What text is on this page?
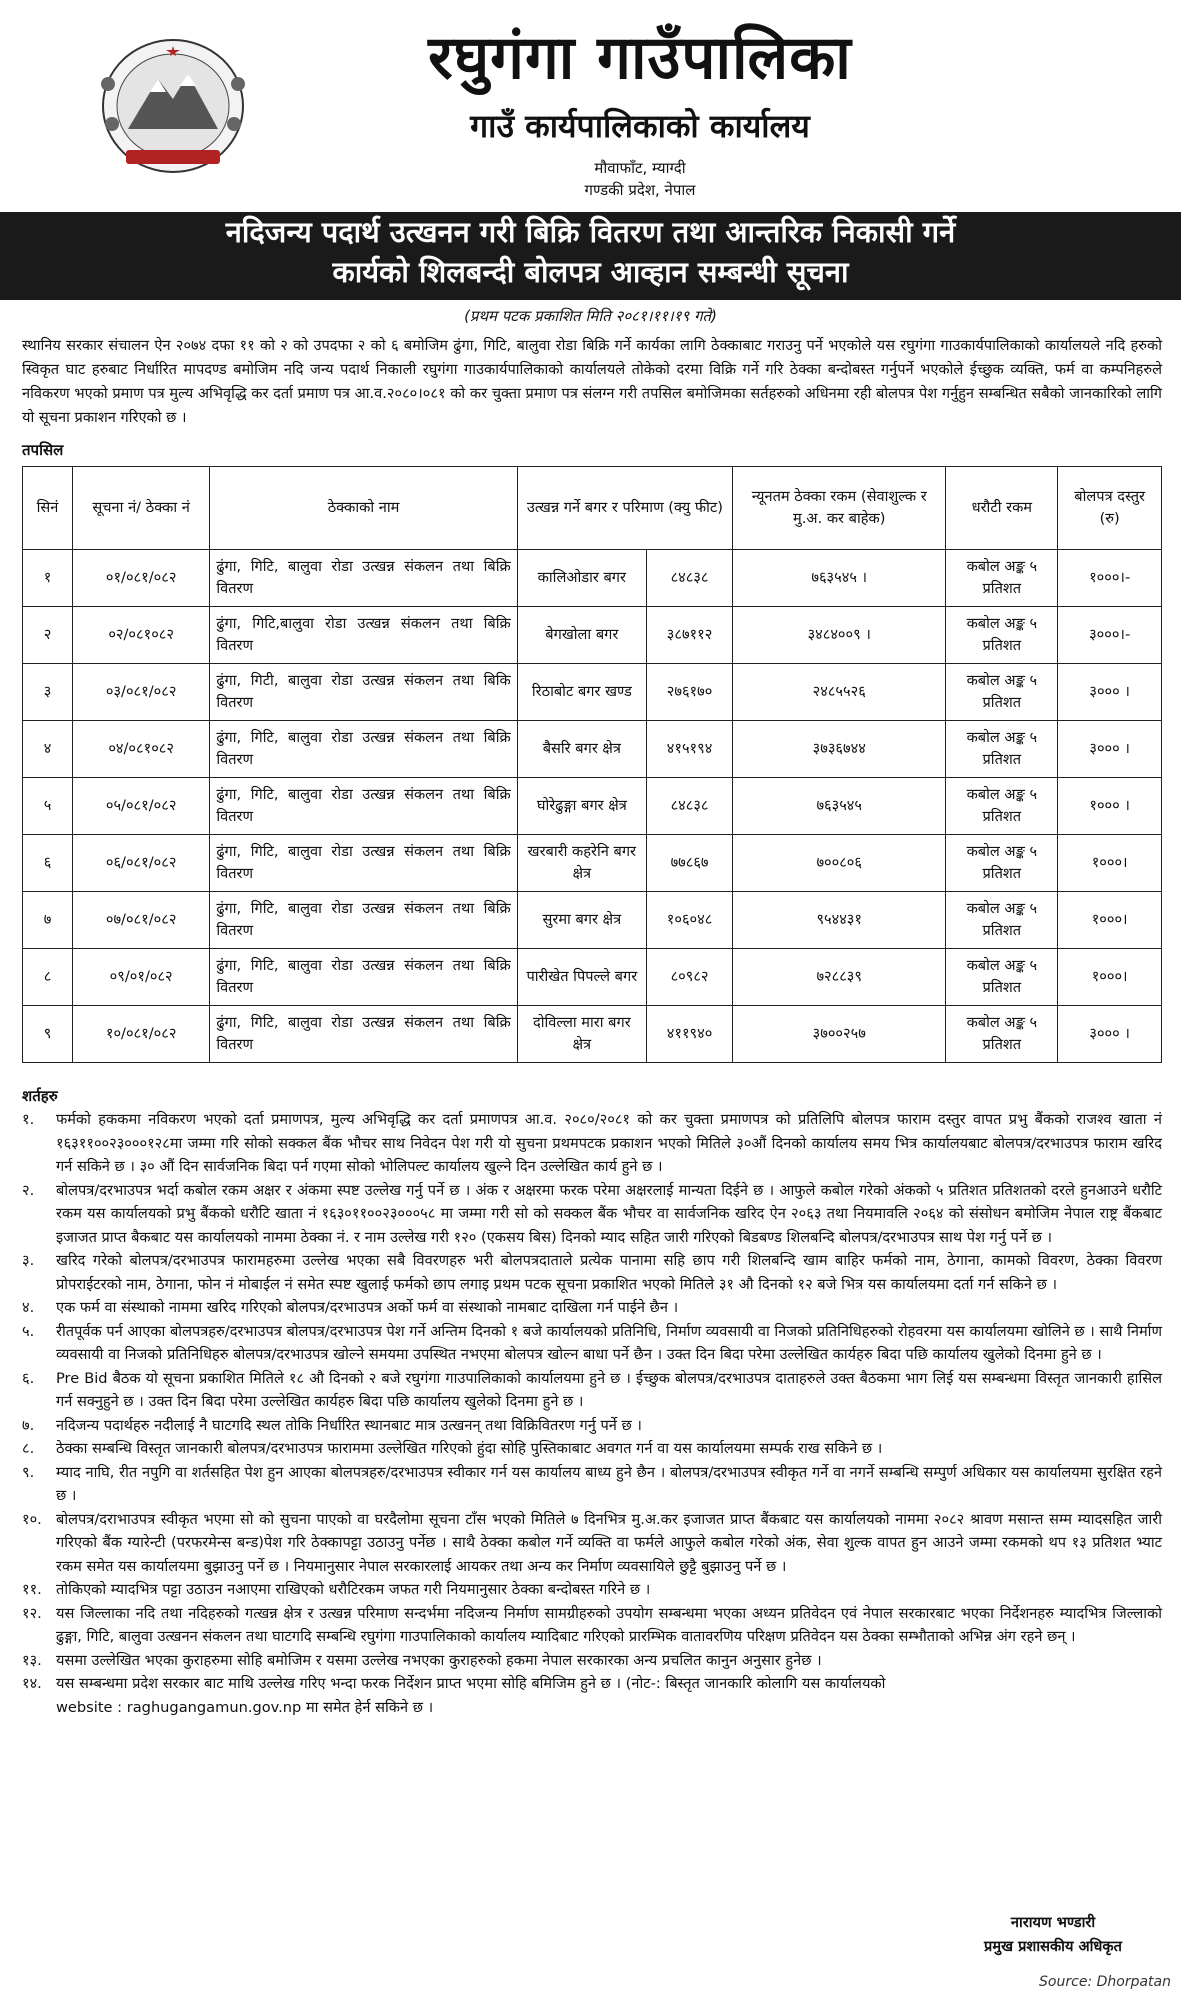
रघुगंगा गाउँपालिका
गाउँ कार्यपालिकाको कार्यालय
मौवाफाँट, म्याग्दी
गण्डकी प्रदेश, नेपाल
नदिजन्य पदार्थ उत्खनन गरी बिक्रि वितरण तथा आन्तरिक निकासी गर्ने
कार्यको शिलबन्दी बोलपत्र आव्हान सम्बन्धी सूचना
(प्रथम पटक प्रकाशित मिति २०८१।११।१९ गते)
स्थानिय सरकार संचालन ऐन २०७४ दफा ११ को २ को उपदफा २ को ६ बमोजिम ढुंगा, गिटि, बालुवा रोडा बिक्रि गर्ने कार्यका लागि ठेक्काबाट गराउनु पर्ने भएकोले यस रघुगंगा गाउकार्यपालिकाको कार्यालयले नदि हरुको स्विकृत घाट हरुबाट निर्धारित मापदण्ड बमोजिम नदि जन्य पदार्थ निकाली रघुगंगा गाउकार्यपालिकाको कार्यालयले तोकेको दरमा विक्रि गर्ने गरि ठेक्का बन्दोबस्त गर्नुपर्ने भएकोले ईच्छुक व्यक्ति, फर्म वा कम्पनिहरुले नविकरण भएको प्रमाण पत्र मुल्य अभिवृद्धि कर दर्ता प्रमाण पत्र आ.व.२०८०।०८१ को कर चुक्ता प्रमाण पत्र संलग्न गरी तपसिल बमोजिमका सर्तहरुको अधिनमा रही बोलपत्र पेश गर्नुहुन सम्बन्धित सबैको जानकारिको लागि यो सूचना प्रकाशन गरिएको छ ।
तपसिल
सिनं	सूचना नं/ ठेक्का नं	ठेक्काको नाम	उत्खन्न गर्ने बगर र परिमाण (क्यु फीट)		न्यूनतम ठेक्का रकम (सेवाशुल्क र मु.अ. कर बाहेक)	धरौटी रकम	बोलपत्र दस्तुर (रु)
१	०१/०८१/०८२	ढुंगा, गिटि, बालुवा रोडा उत्खन्न संकलन तथा बिक्रि वितरण	कालिओडार बगर	८४८३८	७६३५४५ ।	कबोल अङ्क ५ प्रतिशत	१०००।-
२	०२/०८१०८२	ढुंगा, गिटि,बालुवा रोडा उत्खन्न संकलन तथा बिक्रि वितरण	बेगखोला बगर	३८७११२	३४८४००९ ।	कबोल अङ्क ५ प्रतिशत	३०००।-
३	०३/०८१/०८२	ढुंगा, गिटी, बालुवा रोडा उत्खन्न संकलन तथा बिकि वितरण	रिठाबोट बगर खण्ड	२७६१७०	२४८५५२६	कबोल अङ्क ५ प्रतिशत	३००० ।
४	०४/०८१०८२	ढुंगा, गिटि, बालुवा रोडा उत्खन्न संकलन तथा बिक्रि वितरण	बैसरि बगर क्षेत्र	४१५१९४	३७३६७४४	कबोल अङ्क ५ प्रतिशत	३००० ।
५	०५/०८१/०८२	ढुंगा, गिटि, बालुवा रोडा उत्खन्न संकलन तथा बिक्रि वितरण	घोरेढुङ्गा बगर क्षेत्र	८४८३८	७६३५४५	कबोल अङ्क ५ प्रतिशत	१००० ।
६	०६/०८१/०८२	ढुंगा, गिटि, बालुवा रोडा उत्खन्न संकलन तथा बिक्रि वितरण	खरबारी कहरेनि बगर क्षेत्र	७७८६७	७००८०६	कबोल अङ्क ५ प्रतिशत	१०००।
७	०७/०८१/०८२	ढुंगा, गिटि, बालुवा रोडा उत्खन्न संकलन तथा बिक्रि वितरण	सुरमा बगर क्षेत्र	१०६०४८	९५४४३१	कबोल अङ्क ५ प्रतिशत	१०००।
८	०९/०१/०८२	ढुंगा, गिटि, बालुवा रोडा उत्खन्न संकलन तथा बिक्रि वितरण	पारीखेत पिपल्ले बगर	८०९८२	७२८८३९	कबोल अङ्क ५ प्रतिशत	१०००।
९	१०/०८१/०८२	ढुंगा, गिटि, बालुवा रोडा उत्खन्न संकलन तथा बिक्रि वितरण	दोविल्ला मारा बगर क्षेत्र	४११९४०	३७००२५७	कबोल अङ्क ५ प्रतिशत	३००० ।
शर्तहरु
१. फर्मको हककमा नविकरण भएको दर्ता प्रमाणपत्र, मुल्य अभिवृद्धि कर दर्ता प्रमाणपत्र आ.व. २०८०/२०८१ को कर चुक्ता प्रमाणपत्र को प्रतिलिपि बोलपत्र फाराम दस्तुर वापत प्रभु बैंकको राजश्व खाता नं १६३११००२३०००१२८मा जम्मा गरि सोको सक्कल बैंक भौचर साथ निवेदन पेश गरी यो सुचना प्रथमपटक प्रकाशन भएको मितिले ३०औं दिनको कार्यालय समय भित्र कार्यालयबाट बोलपत्र/दरभाउपत्र फाराम खरिद गर्न सकिने छ । ३० औं दिन सार्वजनिक बिदा पर्न गएमा सोको भोलिपल्ट कार्यालय खुल्ने दिन उल्लेखित कार्य हुने छ ।
२. बोलपत्र/दरभाउपत्र भर्दा कबोल रकम अक्षर र अंकमा स्पष्ट उल्लेख गर्नु पर्ने छ । अंक र अक्षरमा फरक परेमा अक्षरलाई मान्यता दिईने छ । आफुले कबोल गरेको अंकको ५ प्रतिशत प्रतिशतको दरले हुनआउने धरौटि रकम यस कार्यालयको प्रभु बैंकको धरौटि खाता नं १६३०११००२३०००५८ मा जम्मा गरी सो को सक्कल बैंक भौचर वा सार्वजनिक खरिद ऐन २०६३ तथा नियमावलि २०६४ को संसोधन बमोजिम नेपाल राष्ट्र बैंकबाट इजाजत प्राप्त बैकबाट यस कार्यालयको नाममा ठेक्का नं. र नाम उल्लेख गरी १२० (एकसय बिस) दिनको म्याद सहित जारी गरिएको बिडबण्ड शिलबन्दि बोलपत्र/दरभाउपत्र साथ पेश गर्नु पर्ने छ ।
३. खरिद गरेको बोलपत्र/दरभाउपत्र फारामहरुमा उल्लेख भएका सबै विवरणहरु भरी बोलपत्रदाताले प्रत्येक पानामा सहि छाप गरी शिलबन्दि खाम बाहिर फर्मको नाम, ठेगाना, कामको विवरण, ठेक्का विवरण प्रोपराईटरको नाम, ठेगाना, फोन नं मोबाईल नं समेत स्पष्ट खुलाई फर्मको छाप लगाइ प्रथम पटक सूचना प्रकाशित भएको मितिले ३१ औ दिनको १२ बजे भित्र यस कार्यालयमा दर्ता गर्न सकिने छ ।
४. एक फर्म वा संस्थाको नाममा खरिद गरिएको बोलपत्र/दरभाउपत्र अर्को फर्म वा संस्थाको नामबाट दाखिला गर्न पाईने छैन ।
५. रीतपूर्वक पर्न आएका बोलपत्रहरु/दरभाउपत्र बोलपत्र/दरभाउपत्र पेश गर्ने अन्तिम दिनको १ बजे कार्यालयको प्रतिनिधि, निर्माण व्यवसायी वा निजको प्रतिनिधिहरुको रोहवरमा यस कार्यालयमा खोलिने छ । साथै निर्माण व्यवसायी वा निजको प्रतिनिधिहरु बोलपत्र/दरभाउपत्र खोल्ने समयमा उपस्थित नभएमा बोलपत्र खोल्न बाधा पर्ने छैन । उक्त दिन बिदा परेमा उल्लेखित कार्यहरु बिदा पछि कार्यालय खुलेको दिनमा हुने छ ।
६. Pre Bid बैठक यो सूचना प्रकाशित मितिले १८ औ दिनको २ बजे रघुगंगा गाउपालिकाको कार्यालयमा हुने छ । ईच्छुक बोलपत्र/दरभाउपत्र दाताहरुले उक्त बैठकमा भाग लिई यस सम्बन्धमा विस्तृत जानकारी हासिल गर्न सक्नुहुने छ । उक्त दिन बिदा परेमा उल्लेखित कार्यहरु बिदा पछि कार्यालय खुलेको दिनमा हुने छ ।
७. नदिजन्य पदार्थहरु नदीलाई नै घाटगदि स्थल तोकि निर्धारित स्थानबाट मात्र उत्खनन् तथा विक्रिवितरण गर्नु पर्ने छ ।
८. ठेक्का सम्बन्धि विस्तृत जानकारी बोलपत्र/दरभाउपत्र फाराममा उल्लेखित गरिएको हुंदा सोहि पुस्तिकाबाट अवगत गर्न वा यस कार्यालयमा सम्पर्क राख सकिने छ ।
९. म्याद नाघि, रीत नपुगि वा शर्तसहित पेश हुन आएका बोलपत्रहरु/दरभाउपत्र स्वीकार गर्न यस कार्यालय बाध्य हुने छैन । बोलपत्र/दरभाउपत्र स्वीकृत गर्ने वा नगर्ने सम्बन्धि सम्पुर्ण अधिकार यस कार्यालयमा सुरक्षित रहने छ ।
१०. बोलपत्र/दराभाउपत्र स्वीकृत भएमा सो को सुचना पाएको वा घरदैलोमा सूचना टाँस भएको मितिले ७ दिनभित्र मु.अ.कर इजाजत प्राप्त बैंकबाट यस कार्यालयको नाममा २०८२ श्रावण मसान्त सम्म म्यादसहित जारी गरिएको बैंक ग्यारेन्टी (परफरमेन्स बन्ड)पेश गरि ठेक्कापट्टा उठाउनु पर्नेछ । साथै ठेक्का कबोल गर्ने व्यक्ति वा फर्मले आफुले कबोल गरेको अंक, सेवा शुल्क वापत हुन आउने जम्मा रकमको थप १३ प्रतिशत भ्याट रकम समेत यस कार्यालयमा बुझाउनु पर्ने छ । नियमानुसार नेपाल सरकारलाई आयकर तथा अन्य कर निर्माण व्यवसायिले छुट्टै बुझाउनु पर्ने छ ।
११. तोकिएको म्यादभित्र पट्टा उठाउन नआएमा राखिएको धरौटिरकम जफत गरी नियमानुसार ठेक्का बन्दोबस्त गरिने छ ।
१२. यस जिल्लाका नदि तथा नदिहरुको गत्खन्न क्षेत्र र उत्खन्न परिमाण सन्दर्भमा नदिजन्य निर्माण सामग्रीहरुको उपयोग सम्बन्धमा भएका अध्यन प्रतिवेदन एवं नेपाल सरकारबाट भएका निर्देशनहरु म्यादभित्र जिल्लाको ढुङ्गा, गिटि, बालुवा उत्खनन संकलन तथा घाटगदि सम्बन्धि रघुगंगा गाउपालिकाको कार्यालय म्यादिबाट गरिएको प्रारम्भिक वातावरणिय परिक्षण प्रतिवेदन यस ठेक्का सम्भौताको अभिन्न अंग रहने छन् ।
१३. यसमा उल्लेखित भएका कुराहरुमा सोहि बमोजिम र यसमा उल्लेख नभएका कुराहरुको हकमा नेपाल सरकारका अन्य प्रचलित कानुन अनुसार हुनेछ ।
१४. यस सम्बन्धमा प्रदेश सरकार बाट माथि उल्लेख गरिए भन्दा फरक निर्देशन प्राप्त भएमा सोहि बमिजिम हुने छ । (नोट-: बिस्तृत जानकारि कोलागि यस कार्यालयको
website : raghugangamun.gov.np मा समेत हेर्न सकिने छ ।
नारायण भण्डारी
प्रमुख प्रशासकीय अधिकृत
Source: Dhorpatan
